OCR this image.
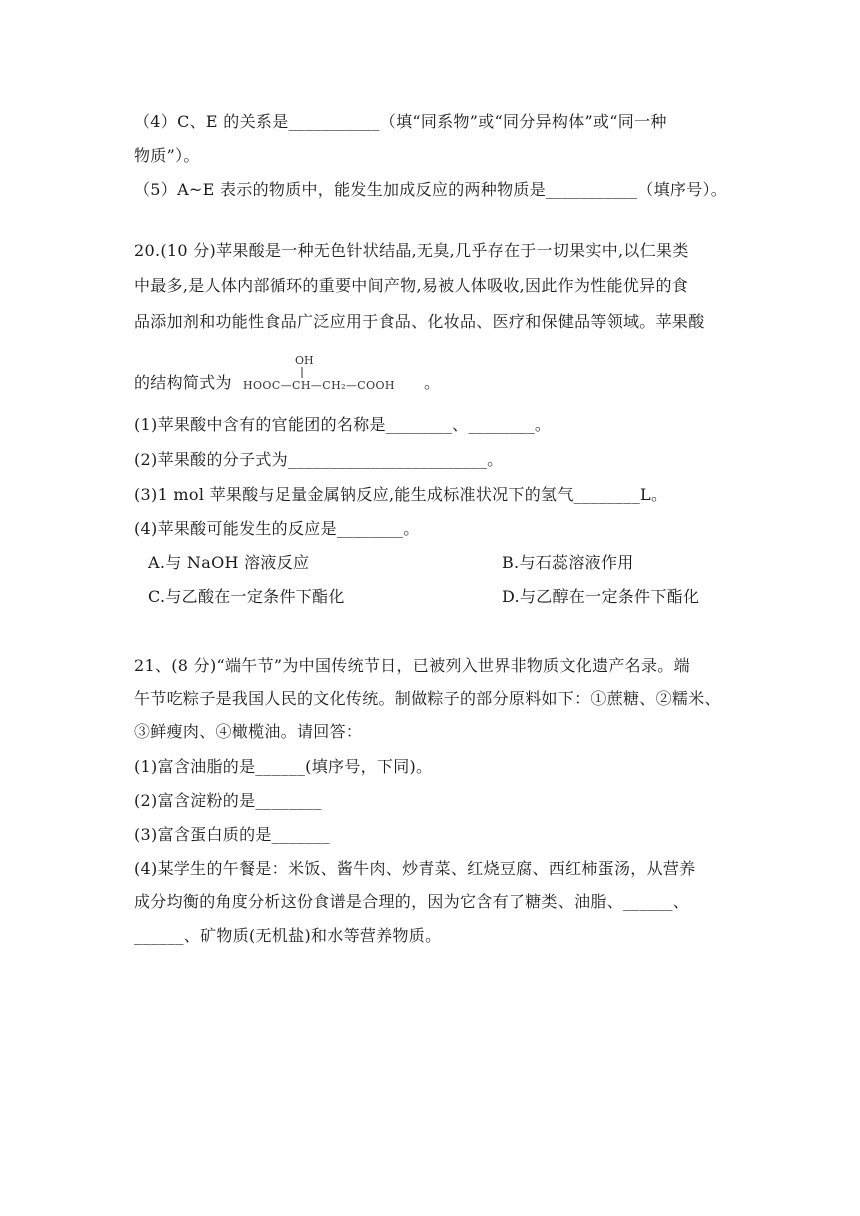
（4）C、E 的关系是___________（填“同系物”或“同分异构体”或“同一种
物质”）。
（5）A~E 表示的物质中，能发生加成反应的两种物质是___________（填序号）。
20.(10 分)苹果酸是一种无色针状结晶,无臭,几乎存在于一切果实中,以仁果类
中最多,是人体内部循环的重要中间产物,易被人体吸收,因此作为性能优异的食
品添加剂和功能性食品广泛应用于食品、化妆品、医疗和保健品等领域。苹果酸
的结构简式为
OH
HOOC—CH—CH₂—COOH 。
(1)苹果酸中含有的官能团的名称是________、________。
(2)苹果酸的分子式为________________________。
(3)1 mol 苹果酸与足量金属钠反应,能生成标准状况下的氢气________L。
(4)苹果酸可能发生的反应是________。
A.与 NaOH 溶液反应	B.与石蕊溶液作用
C.与乙酸在一定条件下酯化	D.与乙醇在一定条件下酯化
21、(8 分)“端午节”为中国传统节日，已被列入世界非物质文化遗产名录。端
午节吃粽子是我国人民的文化传统。制做粽子的部分原料如下：①蔗糖、②糯米、
③鲜瘦肉、④橄榄油。请回答：
(1)富含油脂的是______(填序号，下同)。
(2)富含淀粉的是________
(3)富含蛋白质的是_______
(4)某学生的午餐是：米饭、酱牛肉、炒青菜、红烧豆腐、西红柿蛋汤，从营养
成分均衡的角度分析这份食谱是合理的，因为它含有了糖类、油脂、______、
______、矿物质(无机盐)和水等营养物质。
